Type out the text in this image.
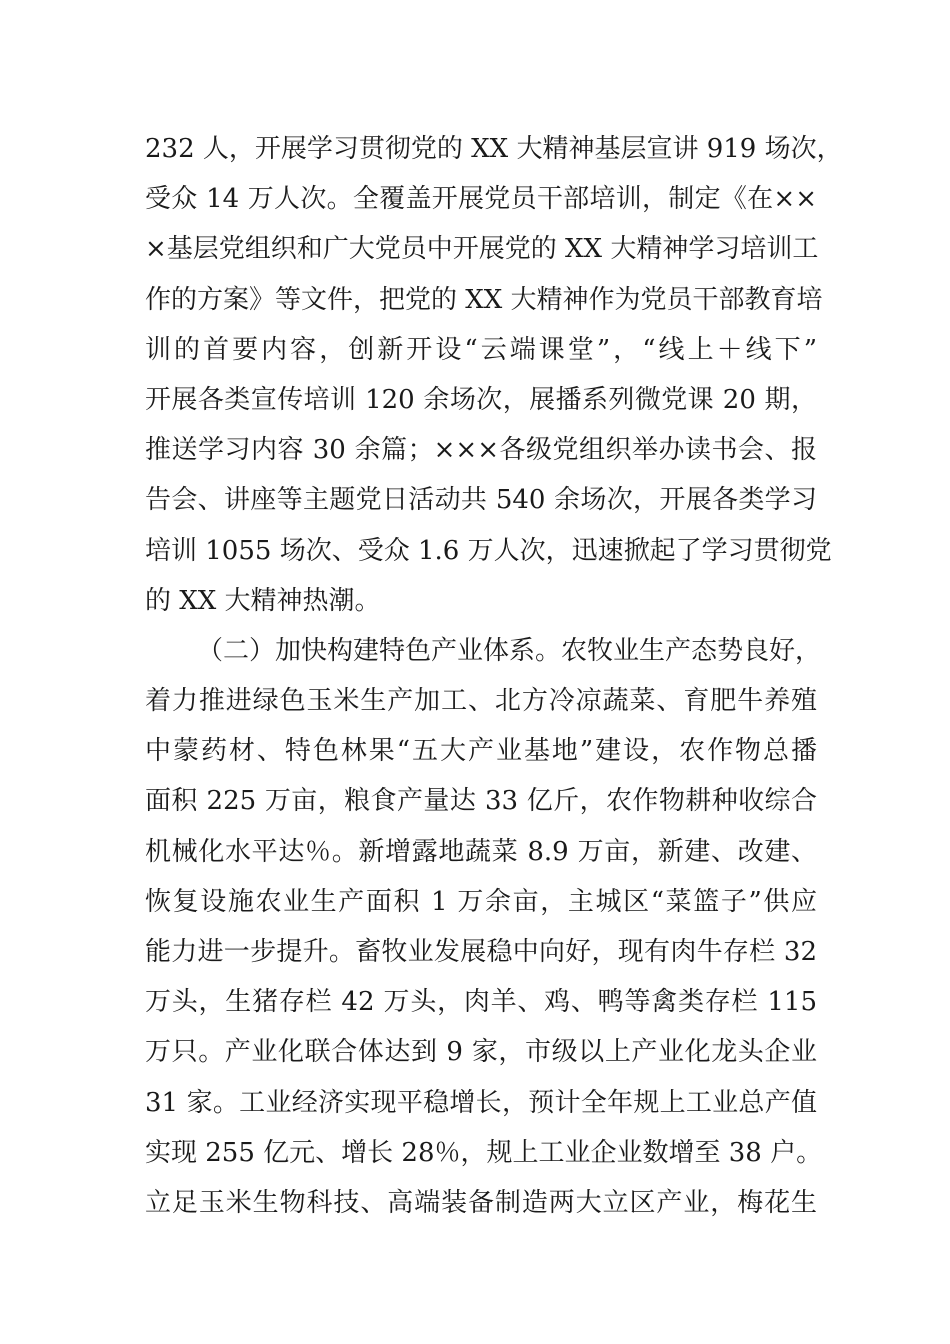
232 人，开展学习贯彻党的 XX 大精神基层宣讲 919 场次，
受众 14 万人次。全覆盖开展党员干部培训，制定《在××
×基层党组织和广大党员中开展党的 XX 大精神学习培训工
作的方案》等文件，把党的 XX 大精神作为党员干部教育培
训的首要内容，创新开设“云端课堂”，“线上＋线下”
开展各类宣传培训 120 余场次，展播系列微党课 20 期，
推送学习内容 30 余篇；×××各级党组织举办读书会、报
告会、讲座等主题党日活动共 540 余场次，开展各类学习
培训 1055 场次、受众 1.6 万人次，迅速掀起了学习贯彻党
的 XX 大精神热潮。
（二）加快构建特色产业体系。农牧业生产态势良好，
着力推进绿色玉米生产加工、北方冷凉蔬菜、育肥牛养殖
中蒙药材、特色林果“五大产业基地”建设，农作物总播
面积 225 万亩，粮食产量达 33 亿斤，农作物耕种收综合
机械化水平达％。新增露地蔬菜 8.9 万亩，新建、改建、
恢复设施农业生产面积 1 万余亩，主城区“菜篮子”供应
能力进一步提升。畜牧业发展稳中向好，现有肉牛存栏 32
万头，生猪存栏 42 万头，肉羊、鸡、鸭等禽类存栏 115
万只。产业化联合体达到 9 家，市级以上产业化龙头企业
31 家。工业经济实现平稳增长，预计全年规上工业总产值
实现 255 亿元、增长 28％，规上工业企业数增至 38 户。
立足玉米生物科技、高端装备制造两大立区产业，梅花生
